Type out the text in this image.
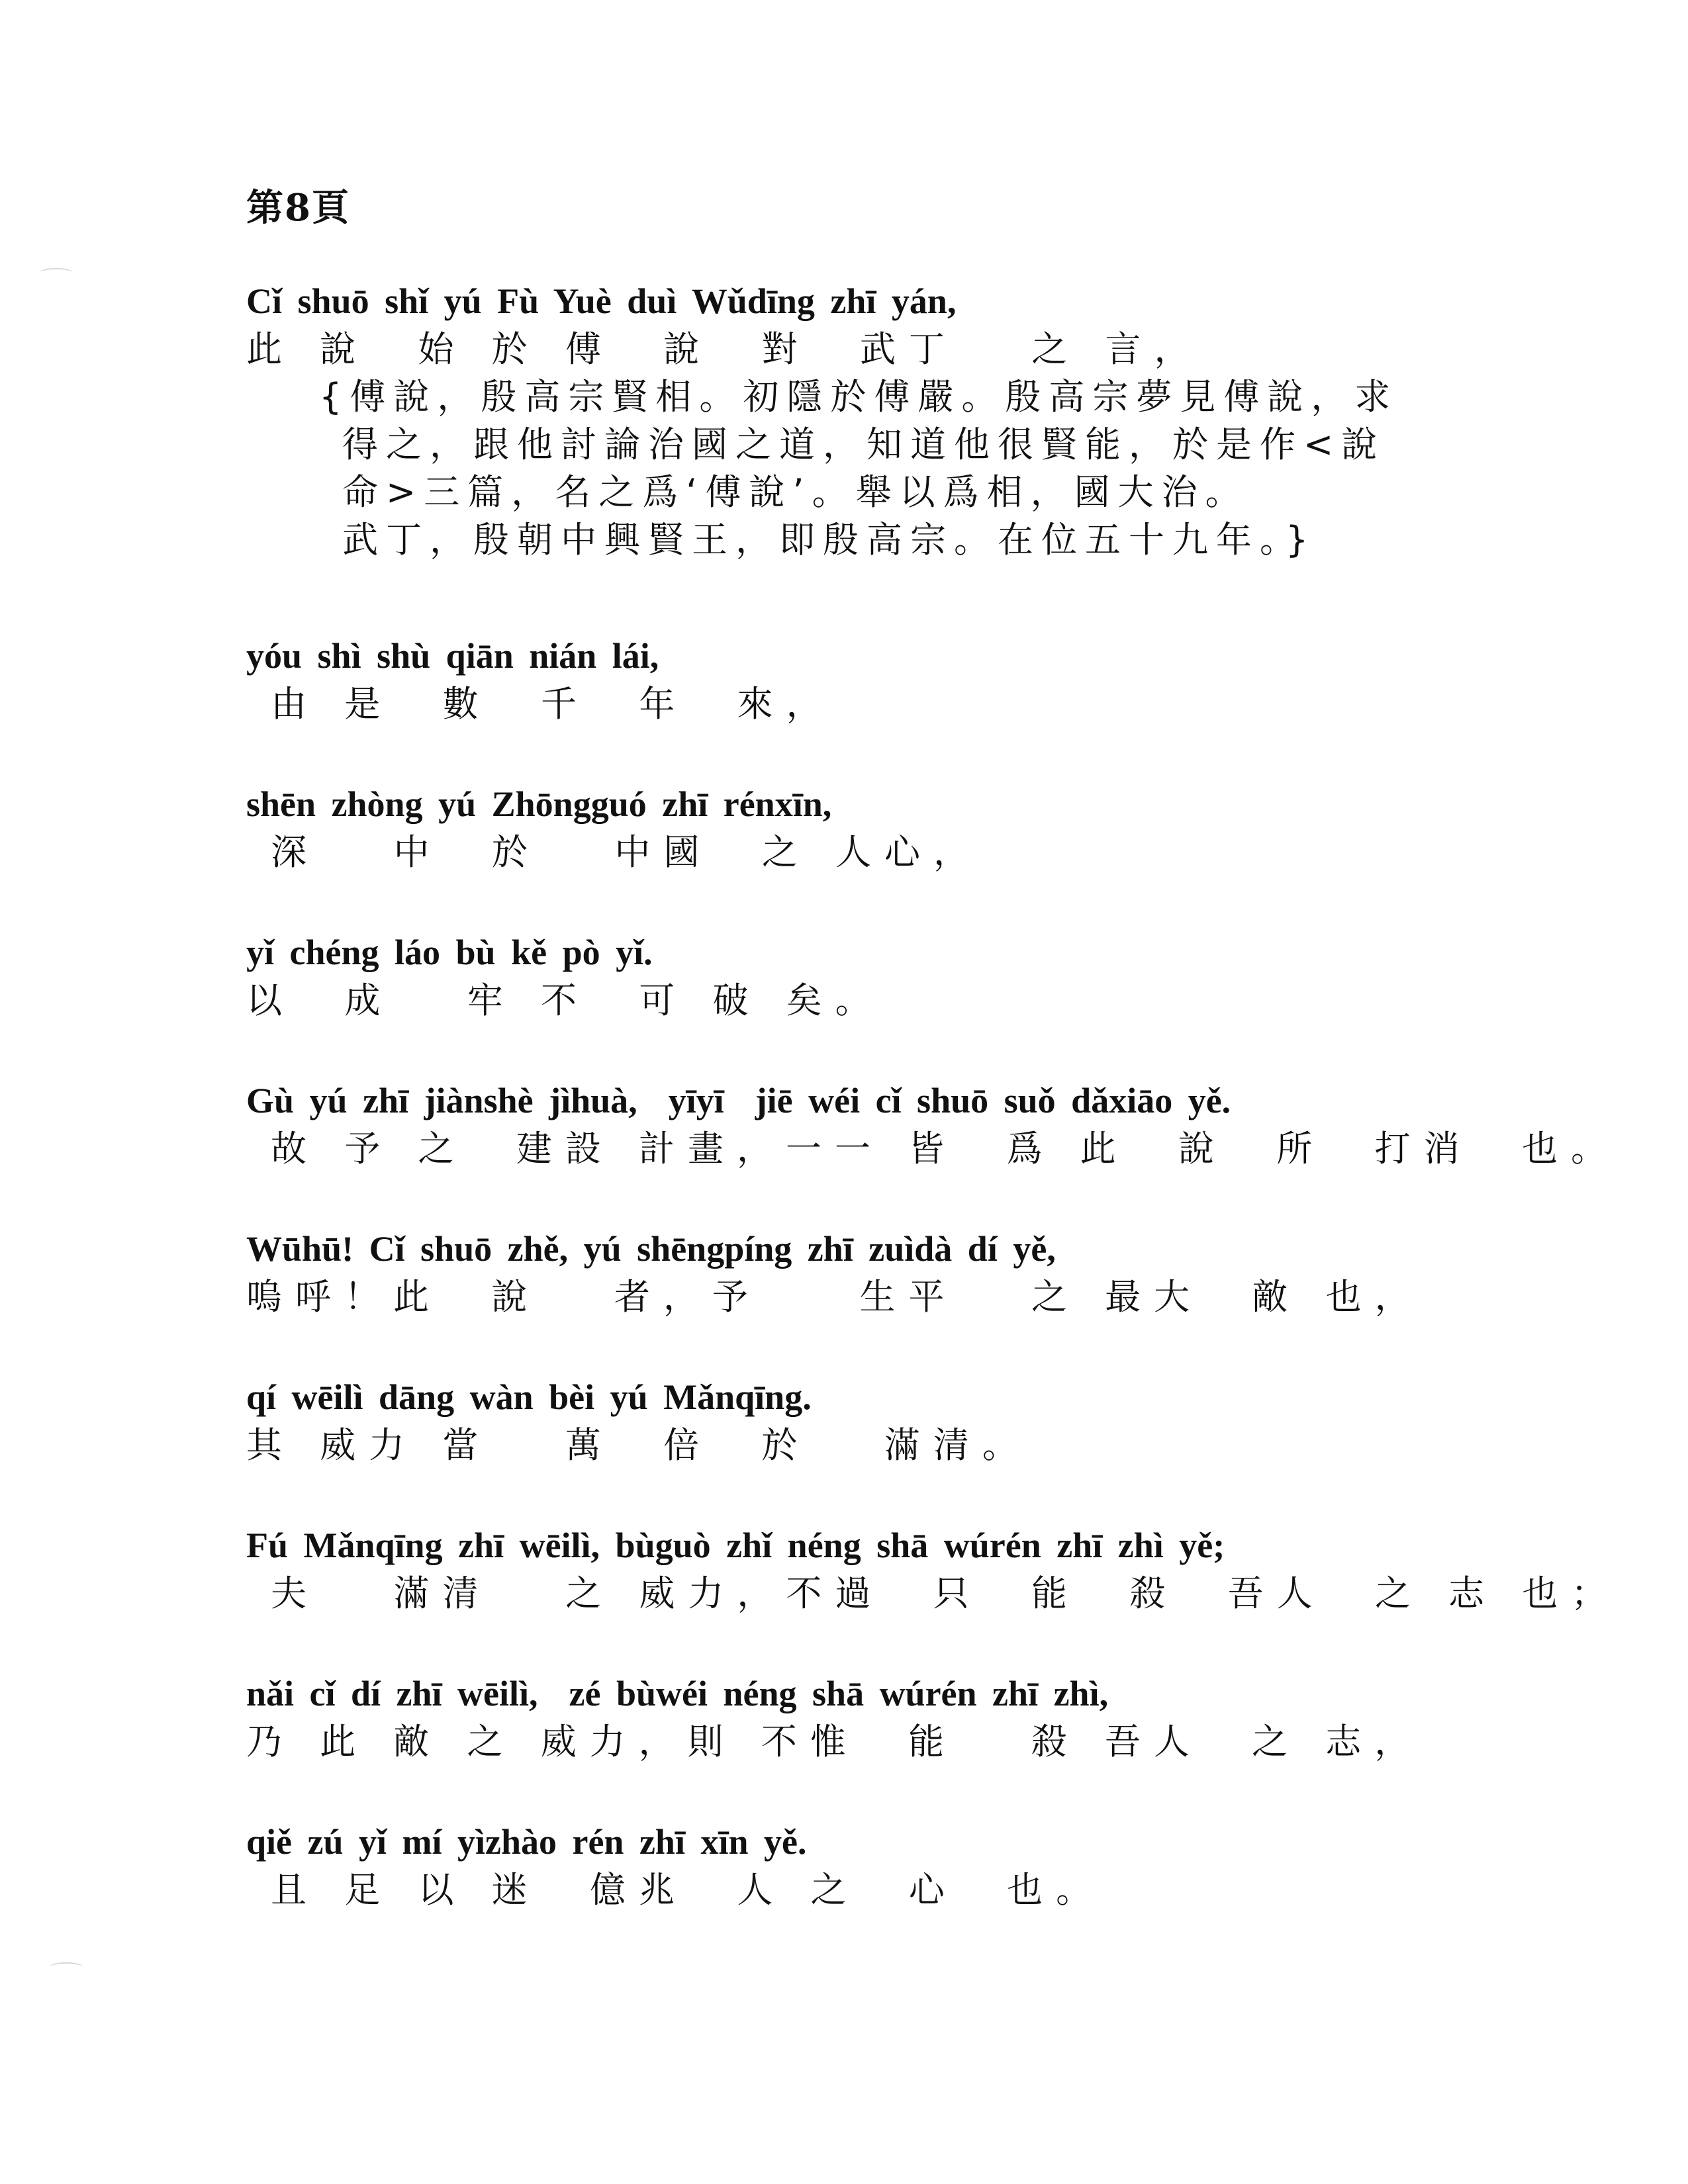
第8頁
Cǐ shuō shǐ yú Fù Yuè duì Wǔdīng zhī yán,
此 說  始 於 傅  說  對  武丁   之 言，
{傅說，殷高宗賢相。初隱於傅嚴。殷高宗夢見傅說，求
得之，跟他討論治國之道，知道他很賢能，於是作<說
命>三篇，名之爲‘傅說’。舉以爲相，國大治。
武丁，殷朝中興賢王，即殷高宗。在位五十九年。}
yóu shì shù qiān nián lái,
由 是  數  千  年  來，
shēn zhòng yú Zhōngguó zhī rénxīn,
深   中  於   中國  之 人心，
yǐ chéng láo bù kě pò yǐ.
以  成   牢 不  可 破 矣。
Gù yú zhī jiànshè jìhuà,  yīyī  jiē wéi cǐ shuō suǒ dǎxiāo yě.
故 予 之  建設 計畫，一一 皆  爲 此  說  所  打消  也。
Wūhū! Cǐ shuō zhě, yú shēngpíng zhī zuìdà dí yě,
嗚呼！此  說   者，予    生平   之 最大  敵 也，
qí wēilì dāng wàn bèi yú Mǎnqīng.
其 威力 當   萬  倍  於   滿清。
Fú Mǎnqīng zhī wēilì, bùguò zhǐ néng shā wúrén zhī zhì yě;
夫   滿清   之 威力，不過  只  能  殺  吾人  之 志 也；
nǎi cǐ dí zhī wēilì,  zé bùwéi néng shā wúrén zhī zhì,
乃 此 敵 之 威力，則 不惟  能   殺 吾人  之 志，
qiě zú yǐ mí yìzhào rén zhī xīn yě.
且 足 以 迷  億兆  人 之  心  也。
